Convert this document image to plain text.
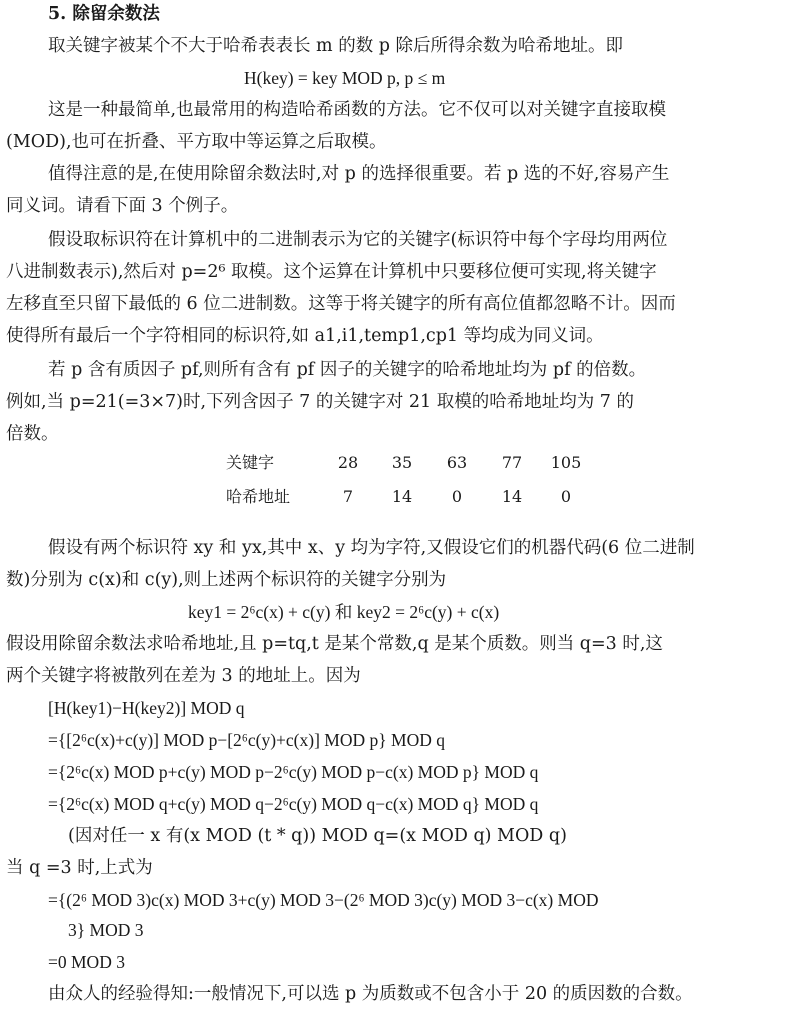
5. 除留余数法
取关键字被某个不大于哈希表表长 m 的数 p 除后所得余数为哈希地址。即
H(key) = key MOD p, p ≤ m
这是一种最简单,也最常用的构造哈希函数的方法。它不仅可以对关键字直接取模
(MOD),也可在折叠、平方取中等运算之后取模。
值得注意的是,在使用除留余数法时,对 p 的选择很重要。若 p 选的不好,容易产生
同义词。请看下面 3 个例子。
假设取标识符在计算机中的二进制表示为它的关键字(标识符中每个字母均用两位
八进制数表示),然后对 p=2⁶ 取模。这个运算在计算机中只要移位便可实现,将关键字
左移直至只留下最低的 6 位二进制数。这等于将关键字的所有高位值都忽略不计。因而
使得所有最后一个字符相同的标识符,如 a1,i1,temp1,cp1 等均成为同义词。
若 p 含有质因子 pf,则所有含有 pf 因子的关键字的哈希地址均为 pf 的倍数。
例如,当 p=21(=3×7)时,下列含因子 7 的关键字对 21 取模的哈希地址均为 7 的
倍数。
关键字	28	35	63	77	105
哈希地址	7	14	0	14	0
假设有两个标识符 xy 和 yx,其中 x、y 均为字符,又假设它们的机器代码(6 位二进制
数)分别为 c(x)和 c(y),则上述两个标识符的关键字分别为
key1 = 2⁶c(x) + c(y) 和 key2 = 2⁶c(y) + c(x)
假设用除留余数法求哈希地址,且 p=tq,t 是某个常数,q 是某个质数。则当 q=3 时,这
两个关键字将被散列在差为 3 的地址上。因为
[H(key1)−H(key2)] MOD q
={[2⁶c(x)+c(y)] MOD p−[2⁶c(y)+c(x)] MOD p} MOD q
={2⁶c(x) MOD p+c(y) MOD p−2⁶c(y) MOD p−c(x) MOD p} MOD q
={2⁶c(x) MOD q+c(y) MOD q−2⁶c(y) MOD q−c(x) MOD q} MOD q
(因对任一 x 有(x MOD (t * q)) MOD q=(x MOD q) MOD q)
当 q =3 时,上式为
={(2⁶ MOD 3)c(x) MOD 3+c(y) MOD 3−(2⁶ MOD 3)c(y) MOD 3−c(x) MOD
3} MOD 3
=0 MOD 3
由众人的经验得知:一般情况下,可以选 p 为质数或不包含小于 20 的质因数的合数。
